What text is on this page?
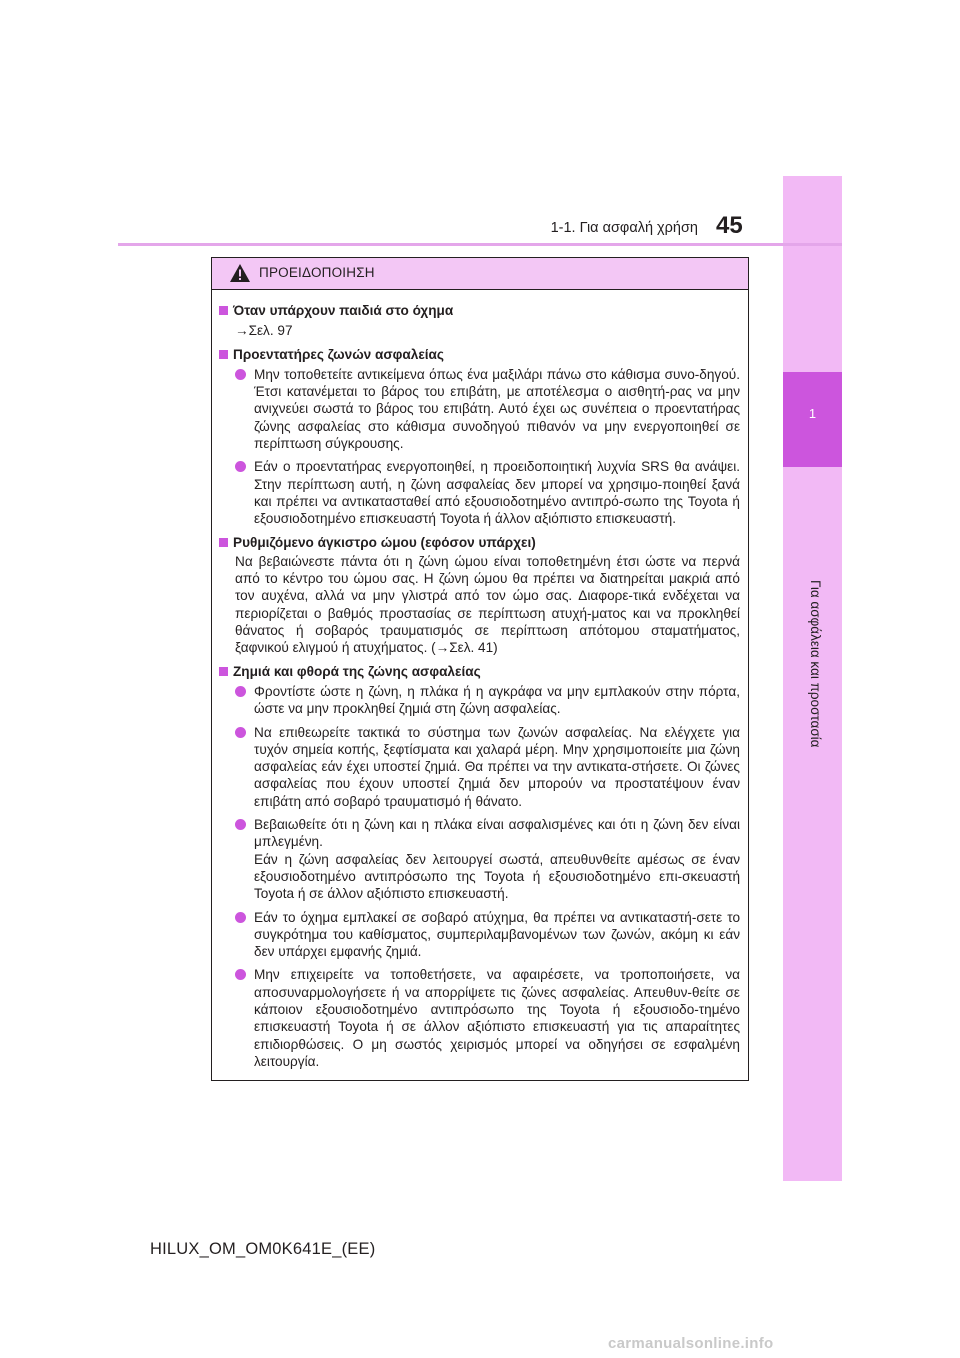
1
Για ασφάλεια και προστασία
1-1. Για ασφαλή χρήση 45
ΠΡΟΕΙΔΟΠΟΙΗΣΗ
Όταν υπάρχουν παιδιά στο όχημα
→Σελ. 97
Προεντατήρες ζωνών ασφαλείας
Μην τοποθετείτε αντικείμενα όπως ένα μαξιλάρι πάνω στο κάθισμα συνο-δηγού. Έτσι κατανέμεται το βάρος του επιβάτη, με αποτέλεσμα ο αισθητή-ρας να μην ανιχνεύει σωστά το βάρος του επιβάτη. Αυτό έχει ως συνέπεια ο προεντατήρας ζώνης ασφαλείας στο κάθισμα συνοδηγού πιθανόν να μην ενεργοποιηθεί σε περίπτωση σύγκρουσης.
Εάν ο προεντατήρας ενεργοποιηθεί, η προειδοποιητική λυχνία SRS θα ανάψει. Στην περίπτωση αυτή, η ζώνη ασφαλείας δεν μπορεί να χρησιμο-ποιηθεί ξανά και πρέπει να αντικατασταθεί από εξουσιοδοτημένο αντιπρό-σωπο της Toyota ή εξουσιοδοτημένο επισκευαστή Toyota ή άλλον αξιόπιστο επισκευαστή.
Ρυθμιζόμενο άγκιστρο ώμου (εφόσον υπάρχει)
Να βεβαιώνεστε πάντα ότι η ζώνη ώμου είναι τοποθετημένη έτσι ώστε να περνά από το κέντρο του ώμου σας. Η ζώνη ώμου θα πρέπει να διατηρείται μακριά από τον αυχένα, αλλά να μην γλιστρά από τον ώμο σας. Διαφορε-τικά ενδέχεται να περιορίζεται ο βαθμός προστασίας σε περίπτωση ατυχή-ματος και να προκληθεί θάνατος ή σοβαρός τραυματισμός σε περίπτωση απότομου σταματήματος, ξαφνικού ελιγμού ή ατυχήματος. (→Σελ. 41)
Ζημιά και φθορά της ζώνης ασφαλείας
Φροντίστε ώστε η ζώνη, η πλάκα ή η αγκράφα να μην εμπλακούν στην πόρτα, ώστε να μην προκληθεί ζημιά στη ζώνη ασφαλείας.
Να επιθεωρείτε τακτικά το σύστημα των ζωνών ασφαλείας. Να ελέγχετε για τυχόν σημεία κοπής, ξεφτίσματα και χαλαρά μέρη. Μην χρησιμοποιείτε μια ζώνη ασφαλείας εάν έχει υποστεί ζημιά. Θα πρέπει να την αντικατα-στήσετε. Οι ζώνες ασφαλείας που έχουν υποστεί ζημιά δεν μπορούν να προστατέψουν έναν επιβάτη από σοβαρό τραυματισμό ή θάνατο.
Βεβαιωθείτε ότι η ζώνη και η πλάκα είναι ασφαλισμένες και ότι η ζώνη δεν είναι μπλεγμένη.
Εάν η ζώνη ασφαλείας δεν λειτουργεί σωστά, απευθυνθείτε αμέσως σε έναν εξουσιοδοτημένο αντιπρόσωπο της Toyota ή εξουσιοδοτημένο επι-σκευαστή Toyota ή σε άλλον αξιόπιστο επισκευαστή.
Εάν το όχημα εμπλακεί σε σοβαρό ατύχημα, θα πρέπει να αντικαταστή-σετε το συγκρότημα του καθίσματος, συμπεριλαμβανομένων των ζωνών, ακόμη κι εάν δεν υπάρχει εμφανής ζημιά.
Μην επιχειρείτε να τοποθετήσετε, να αφαιρέσετε, να τροποποιήσετε, να αποσυναρμολογήσετε ή να απορρίψετε τις ζώνες ασφαλείας. Απευθυν-θείτε σε κάποιον εξουσιοδοτημένο αντιπρόσωπο της Toyota ή εξουσιοδο-τημένο επισκευαστή Toyota ή σε άλλον αξιόπιστο επισκευαστή για τις απαραίτητες επιδιορθώσεις. Ο μη σωστός χειρισμός μπορεί να οδηγήσει σε εσφαλμένη λειτουργία.
HILUX_OM_OM0K641E_(EE)
carmanualsonline.info
